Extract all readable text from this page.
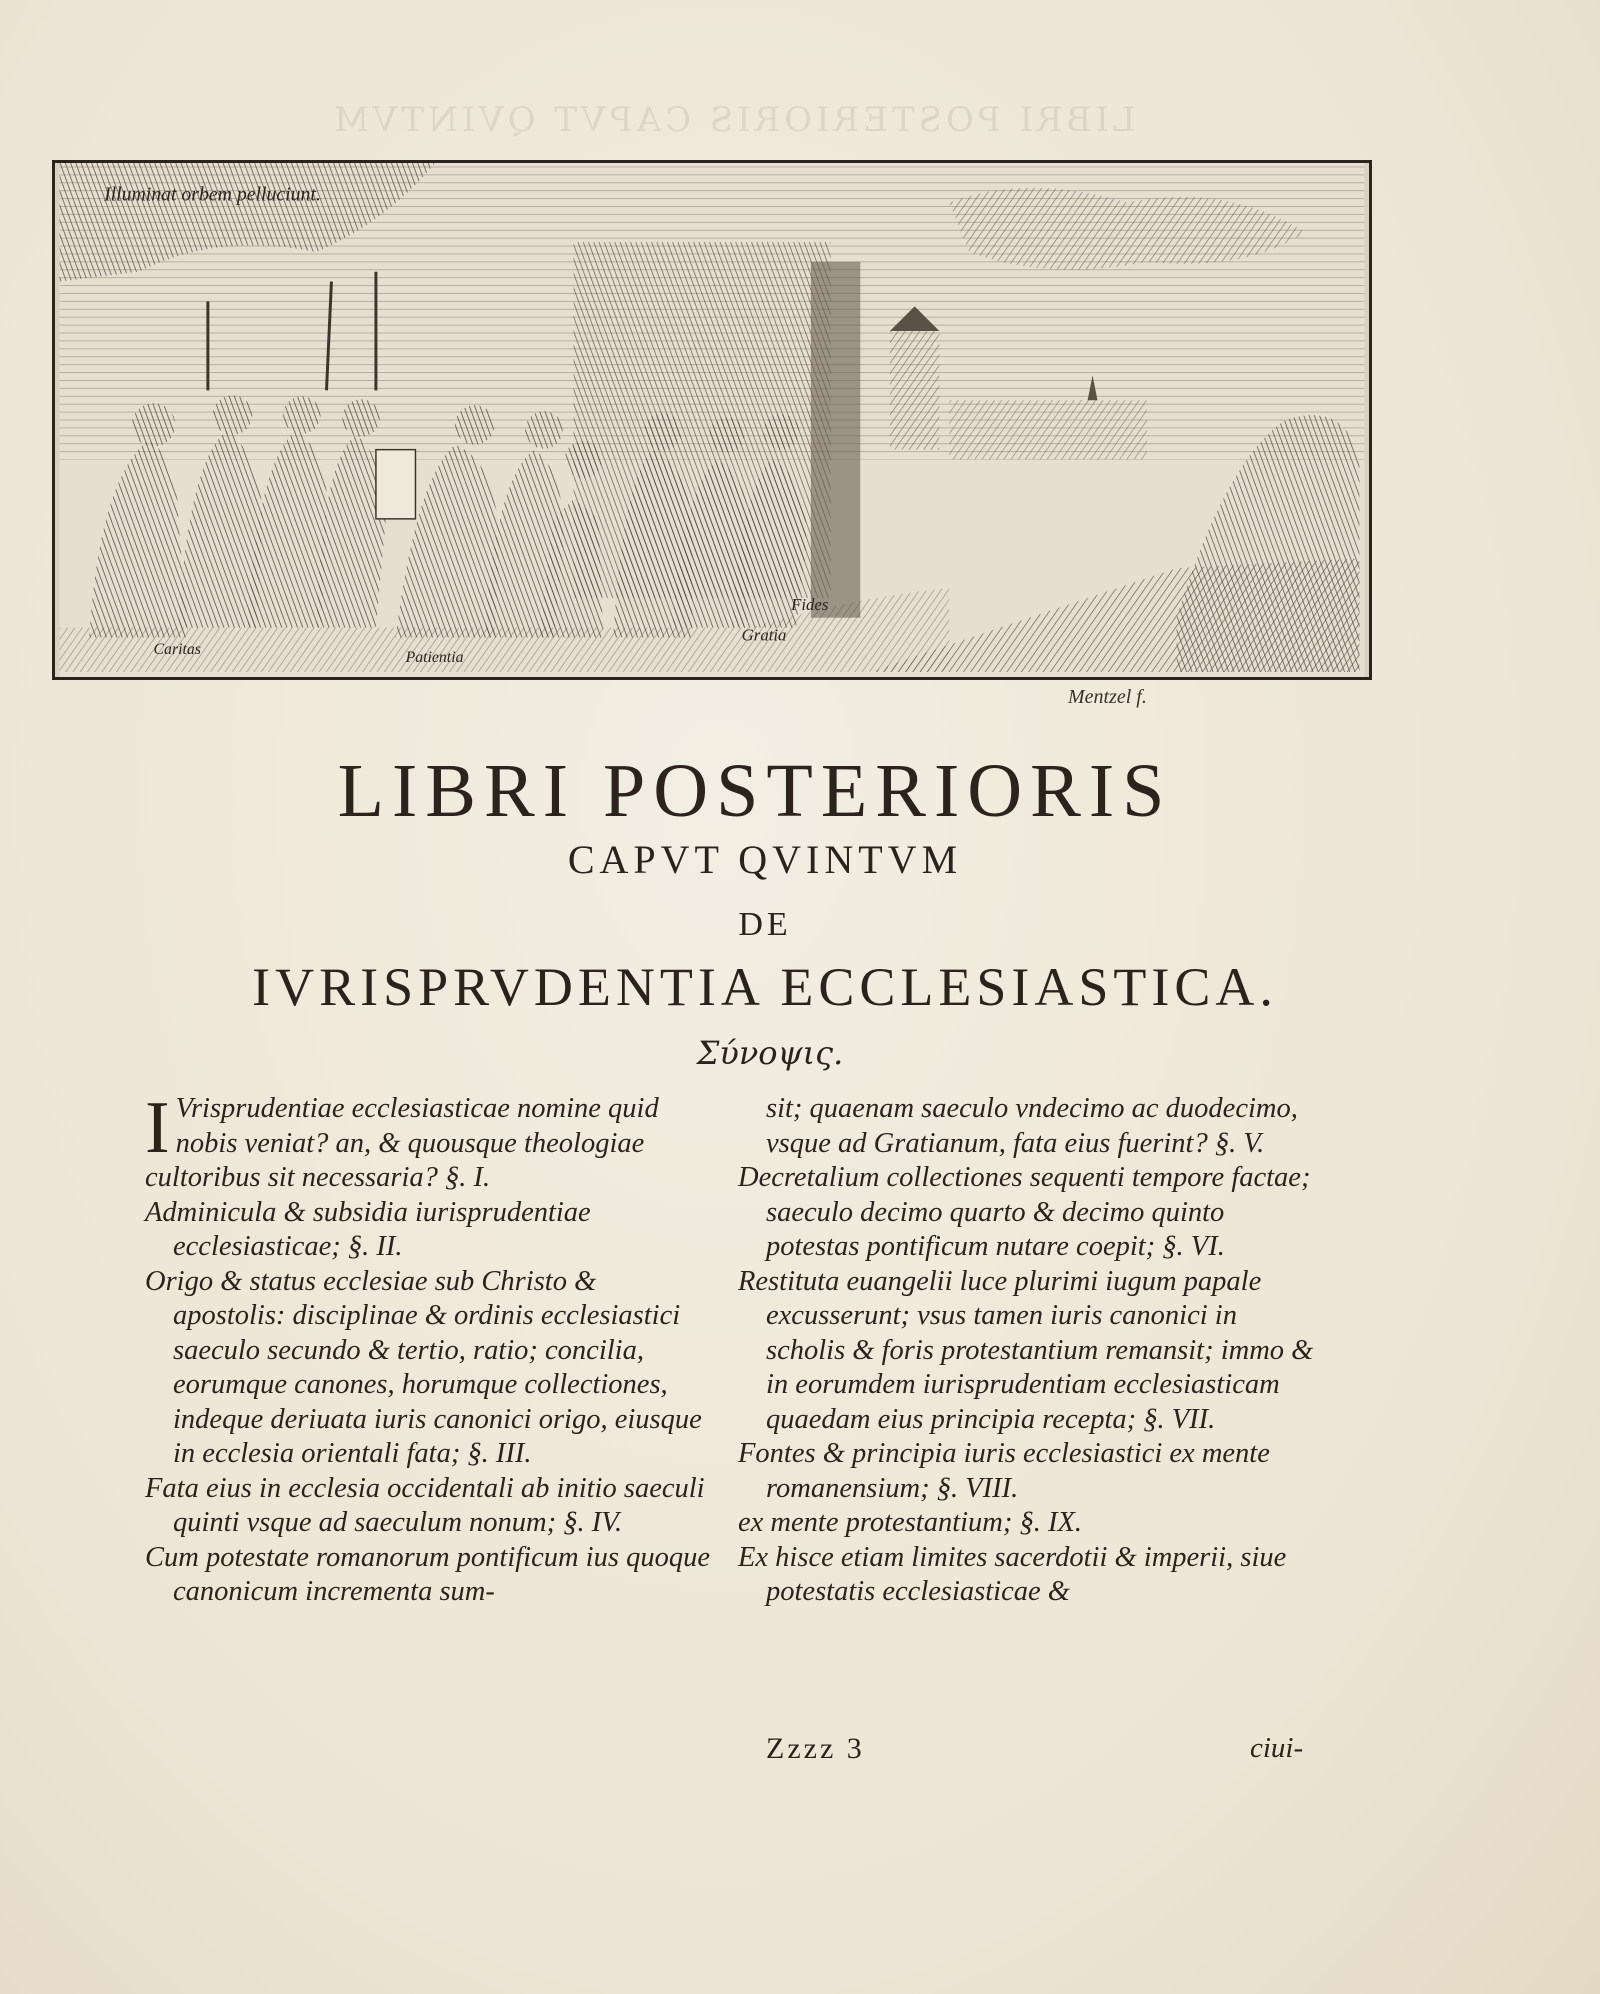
LIBRI POSTERIORIS CAPVT QVINTVM
Illuminat orbem pelluciunt.
Caritas	Patientia
Gratia
Fides
Mentzel f.
LIBRI POSTERIORIS
CAPVT QVINTVM
DE
IVRISPRVDENTIA ECCLESIASTICA.
Σύνοψις.

I Vrisprudentiae ecclesiasticae nomine quid nobis veniat? an, & quousque theologiae cultoribus sit necessaria? §. I.

Adminicula & subsidia iurisprudentiae ecclesiasticae; §. II.

Origo & status ecclesiae sub Christo & apostolis: disciplinae & ordinis ecclesiastici saeculo secundo & tertio, ratio; concilia, eorumque canones, horumque collectiones, indeque deriuata iuris canonici origo, eiusque in ecclesia orientali fata; §. III.

Fata eius in ecclesia occidentali ab initio saeculi quinti vsque ad saeculum nonum; §. IV.

Cum potestate romanorum pontificum ius quoque canonicum incrementa sum-

sit; quaenam saeculo vndecimo ac duodecimo, vsque ad Gratianum, fata eius fuerint? §. V.

Decretalium collectiones sequenti tempore factae; saeculo decimo quarto & decimo quinto potestas pontificum nutare coepit; §. VI.

Restituta euangelii luce plurimi iugum papale excusserunt; vsus tamen iuris canonici in scholis & foris protestantium remansit; immo & in eorumdem iurisprudentiam ecclesiasticam quaedam eius principia recepta; §. VII.

Fontes & principia iuris ecclesiastici ex mente romanensium; §. VIII.

ex mente protestantium; §. IX.

Ex hisce etiam limites sacerdotii & imperii, siue potestatis ecclesiasticae &

Zzzz 3	ciui-
